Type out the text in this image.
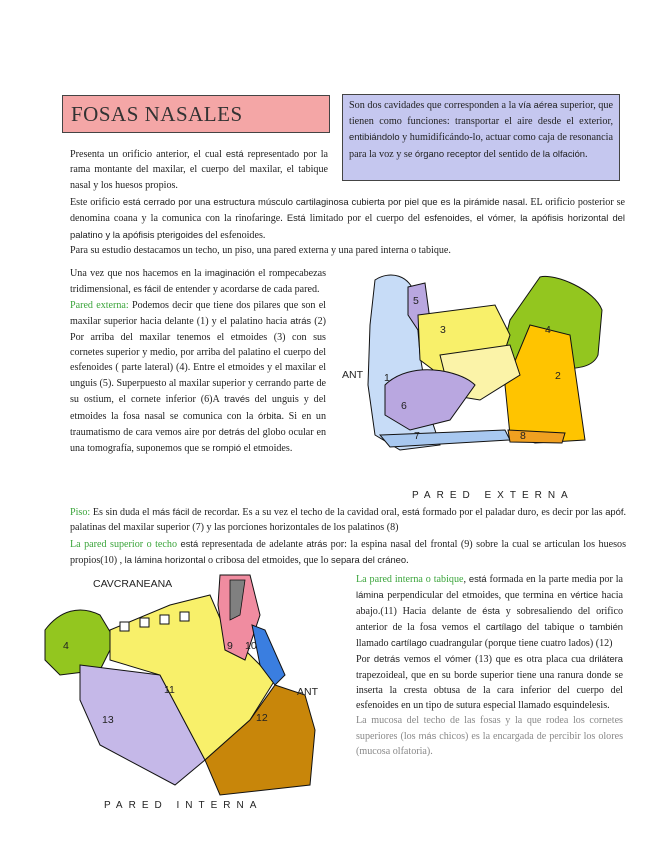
FOSAS NASALES	Son dos cavidades que corresponden a la vía aérea superior, que tienen como funciones: transportar el aire desde el exterior, entibiándolo y humidificándo-lo, actuar como caja de resonancia para la voz y se órgano receptor del sentido de la olfación.
Presenta un orificio anterior, el cual está representado por la rama montante del maxilar, el cuerpo del maxilar, el tabique nasal y los huesos propios.
Este orificio está cerrado por una estructura músculo cartilaginosa cubierta por piel que es la pirámide nasal. EL orificio posterior se denomina coana y la comunica con la rinofaringe. Está limitado por el cuerpo del esfenoides, el vómer, la apófisis horizontal del palatino y la apófisis pterigoides del esfenoides.
Para su estudio destacamos un techo, un piso, una pared externa y una pared interna o tabique.
Una vez que nos hacemos en la imaginación el rompecabezas tridimensional, es fácil de entender y acordarse de cada pared.
Pared externa: Podemos decir que tiene dos pilares que son el maxilar superior hacia delante (1) y el palatino hacia atrás (2) Por arriba del maxilar tenemos el etmoides (3) con sus cornetes superior y medio, por arriba del palatino el cuerpo del esfenoides ( parte lateral) (4). Entre el etmoides y el maxilar el unguis (5). Superpuesto al maxilar superior y cerrando parte de su ostium, el cornete inferior (6)A través del unguis y del etmoides la fosa nasal se comunica con la órbita. Si en un traumatismo de cara vemos aire por detrás del globo ocular en una tomografía, suponemos que se rompió el etmoides.
ANT 1	2
3	4
5
6
7	8
PARED EXTERNA
Piso: Es sin duda el más fácil de recordar. Es a su vez el techo de la cavidad oral, está formado por el paladar duro, es decir por las apóf. palatinas del maxilar superior (7) y las porciones horizontales de los palatinos (8)
La pared superior o techo está representada de adelante atrás por: la espina nasal del frontal (9) sobre la cual se articulan los huesos propios(10) , la lámina horizontal o cribosa del etmoides, que lo separa del cráneo.
CAVCRANEANA
4	9 10
11
12
13
ANT
PARED INTERNA
La pared interna o tabique, está formada en la parte media por la lámina perpendicular del etmoides, que termina en vértice hacia abajo.(11) Hacia delante de ésta y sobresaliendo del orifico anterior de la fosa vemos el cartílago del tabique o también llamado cartílago cuadrangular (porque tiene cuatro lados) (12)
Por detrás vemos el vómer (13) que es otra placa cua drilátera trapezoideal, que en su borde superior tiene una ranura donde se inserta la cresta obtusa de la cara inferior del cuerpo del esfenoides en un tipo de sutura especial llamado esquindelesis.
La mucosa del techo de las fosas y la que rodea los cornetes superiores (los más chicos) es la encargada de percibir los olores (mucosa olfatoria).
